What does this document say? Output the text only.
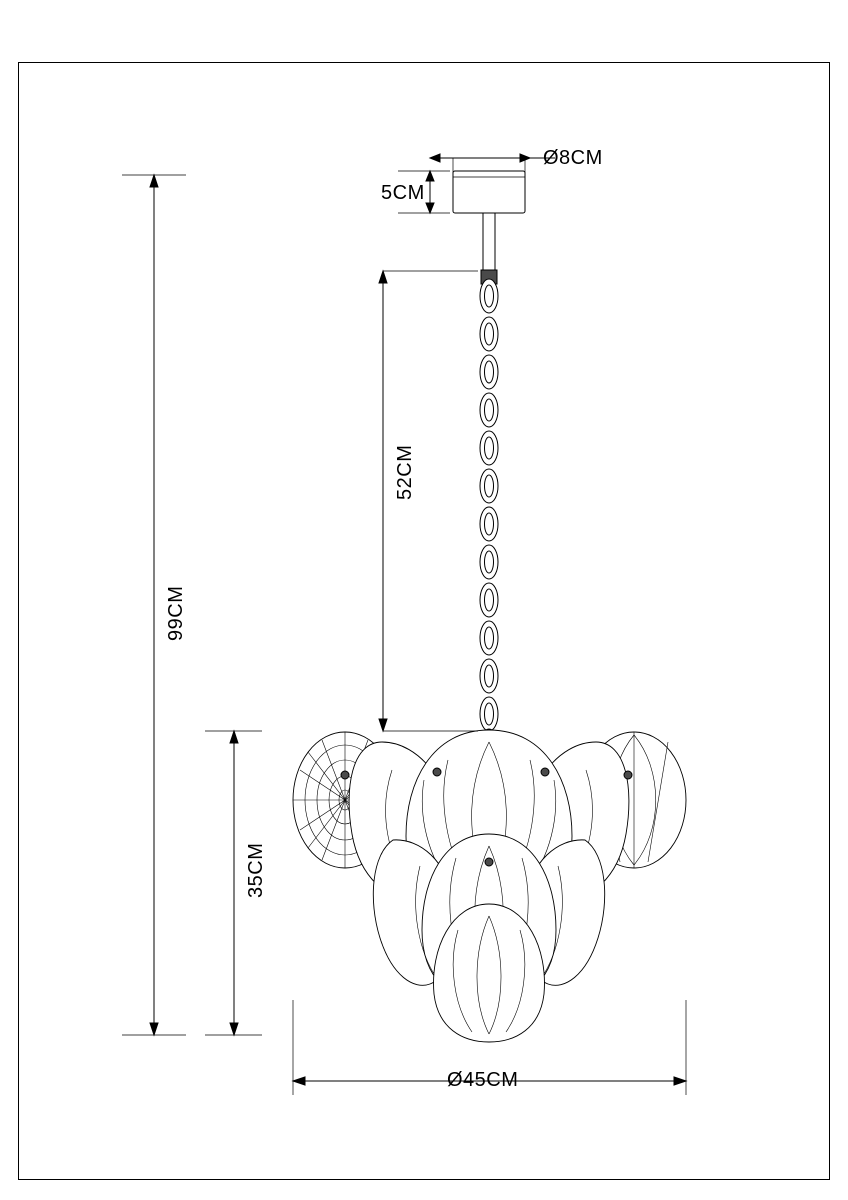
Ø8CM
5CM
52CM
99CM
35CM
Ø45CM
